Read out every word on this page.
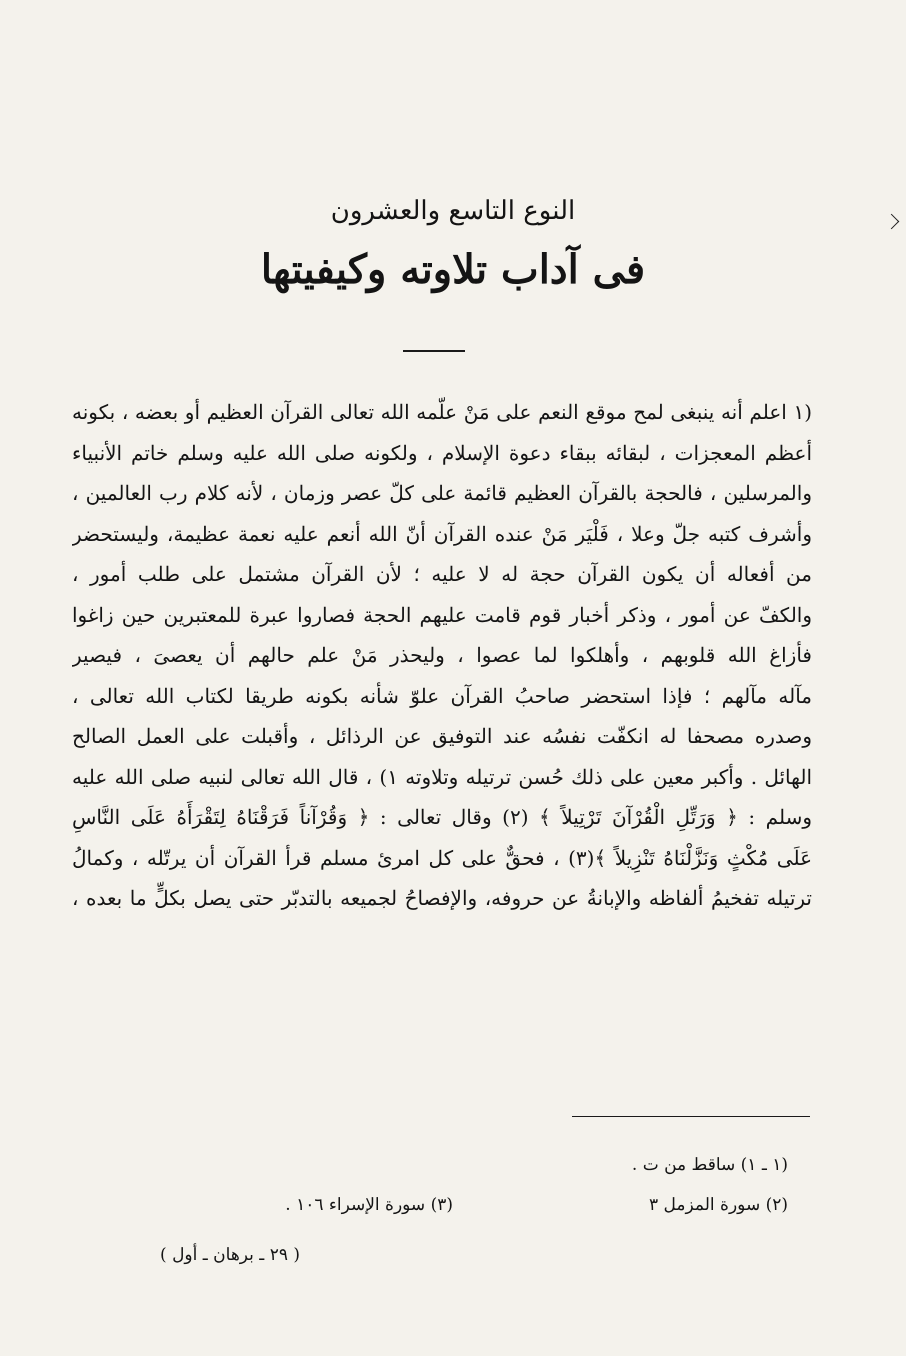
النوع التاسع والعشرون
فى آداب تلاوته وكيفيتها

(١ اعلم أنه ينبغى لمح موقع النعم على مَنْ علّمه الله تعالى القرآن العظيم أو بعضه ، بكونه

أعظم المعجزات ، لبقائه ببقاء دعوة الإسلام ، ولكونه صلى الله عليه وسلم خاتم الأنبياء

والمرسلين ، فالحجة بالقرآن العظيم قائمة على كلّ عصر وزمان ، لأنه كلام رب العالمين ،

وأشرف كتبه جلّ وعلا ، فَلْيَر مَنْ عنده القرآن أنّ الله أنعم عليه نعمة عظيمة، وليستحضر

من أفعاله أن يكون القرآن حجة له لا عليه ؛ لأن القرآن مشتمل على طلب أمور ،

والكفّ عن أمور ، وذكر أخبار قوم قامت عليهم الحجة فصاروا عبرة للمعتبرين حين زاغوا

فأزاغ الله قلوبهم ، وأهلكوا لما عصوا ، وليحذر مَنْ علم حالهم أن يعصىَ ، فيصير

مآله مآلهم ؛ فإذا استحضر صاحبُ القرآن علوّ شأنه بكونه طريقا لكتاب الله تعالى ،

وصدره مصحفا له انكفّت نفسُه عند التوفيق عن الرذائل ، وأقبلت على العمل الصالح

الهائل . وأكبر معين على ذلك حُسن ترتيله وتلاوته ١) ، قال الله تعالى لنبيه صلى الله عليه

وسلم : ﴿ وَرَتِّلِ الْقُرْآنَ تَرْتِيلاً ﴾ (٢) وقال تعالى : ﴿ وَقُرْآناً فَرَقْنَاهُ لِتَقْرَأَهُ عَلَى النَّاسِ

عَلَى مُكْثٍ وَنَزَّلْنَاهُ تَنْزِيلاً ﴾(٣) ، فحقٌّ على كل امرئ مسلم قرأ القرآن أن يرتّله ، وكمالُ

ترتيله تفخيمُ ألفاظه والإبانةُ عن حروفه، والإفصاحُ لجميعه بالتدبّر حتى يصل بكلٍّ ما بعده ،

(١ ـ ١) ساقط من ت .
(٢) سورة المزمل ٣
(٣) سورة الإسراء ١٠٦ .
( ٢٩ ـ برهان ـ أول )
